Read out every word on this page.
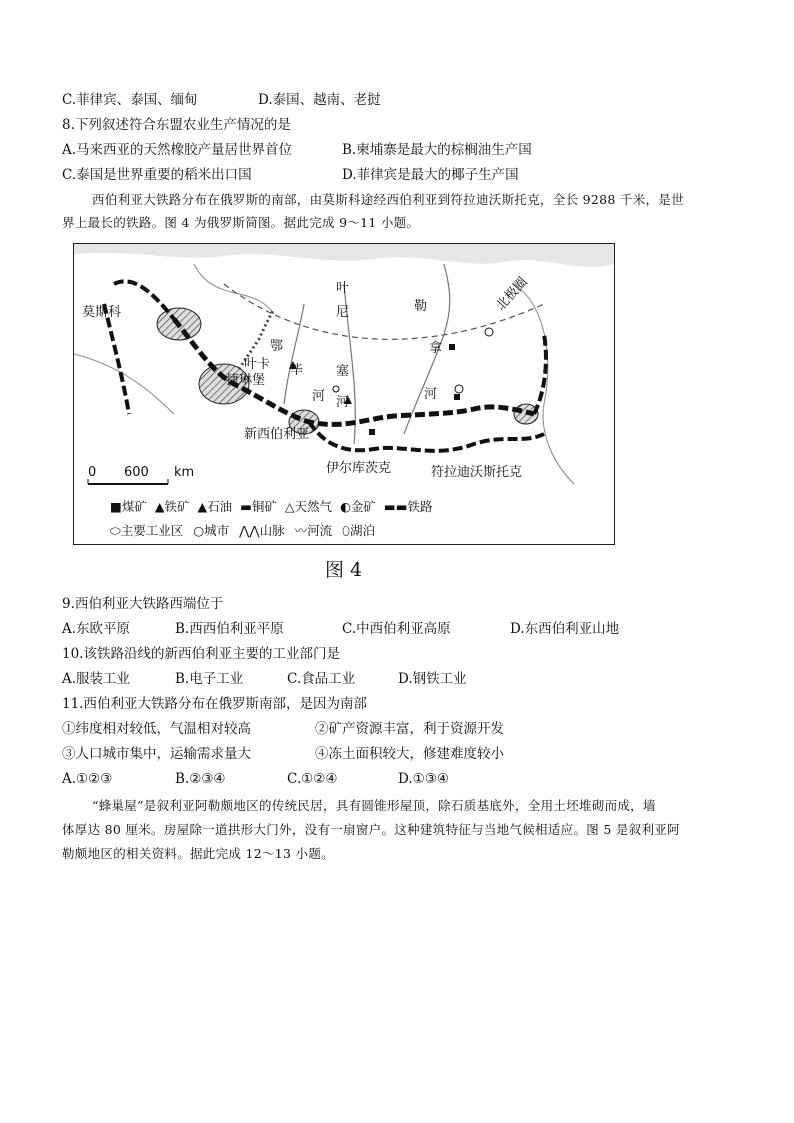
C.菲律宾、泰国、缅甸	D.泰国、越南、老挝
8.下列叙述符合东盟农业生产情况的是
A.马来西亚的天然橡胶产量居世界首位	B.柬埔寨是最大的棕榈油生产国
C.泰国是世界重要的稻米出口国	D.菲律宾是最大的椰子生产国
西伯利亚大铁路分布在俄罗斯的南部，由莫斯科途经西伯利亚到符拉迪沃斯托克，全长 9288 千米，是世
界上最长的铁路。图 4 为俄罗斯简图。据此完成 9～11 小题。
莫斯科
叶
尼
塞
河
勒
拿
河
鄂
毕
河
叶卡
捷琳堡
新西伯利亚
伊尔库茨克	符拉迪沃斯托克
北极圈
0 600 km
■煤矿 ▲铁矿 ▲石油 ▬铜矿 △天然气 ◐金矿 ▬▬铁路
⬭主要工业区 ○城市 ⋀⋀山脉 〰河流 ⬯湖泊
图 4
9.西伯利亚大铁路西端位于
A.东欧平原	B.西西伯利亚平原	C.中西伯利亚高原	D.东西伯利亚山地
10.该铁路沿线的新西伯利亚主要的工业部门是
A.服装工业	B.电子工业	C.食品工业	D.钢铁工业
11.西伯利亚大铁路分布在俄罗斯南部，是因为南部
①纬度相对较低，气温相对较高	②矿产资源丰富，利于资源开发
③人口城市集中，运输需求量大	④冻土面积较大，修建难度较小
A.①②③	B.②③④	C.①②④	D.①③④
“蜂巢屋”是叙利亚阿勒颇地区的传统民居，具有圆锥形屋顶，除石质基底外，全用土坯堆砌而成，墙
体厚达 80 厘米。房屋除一道拱形大门外，没有一扇窗户。这种建筑特征与当地气候相适应。图 5 是叙利亚阿
勒颇地区的相关资料。据此完成 12～13 小题。
